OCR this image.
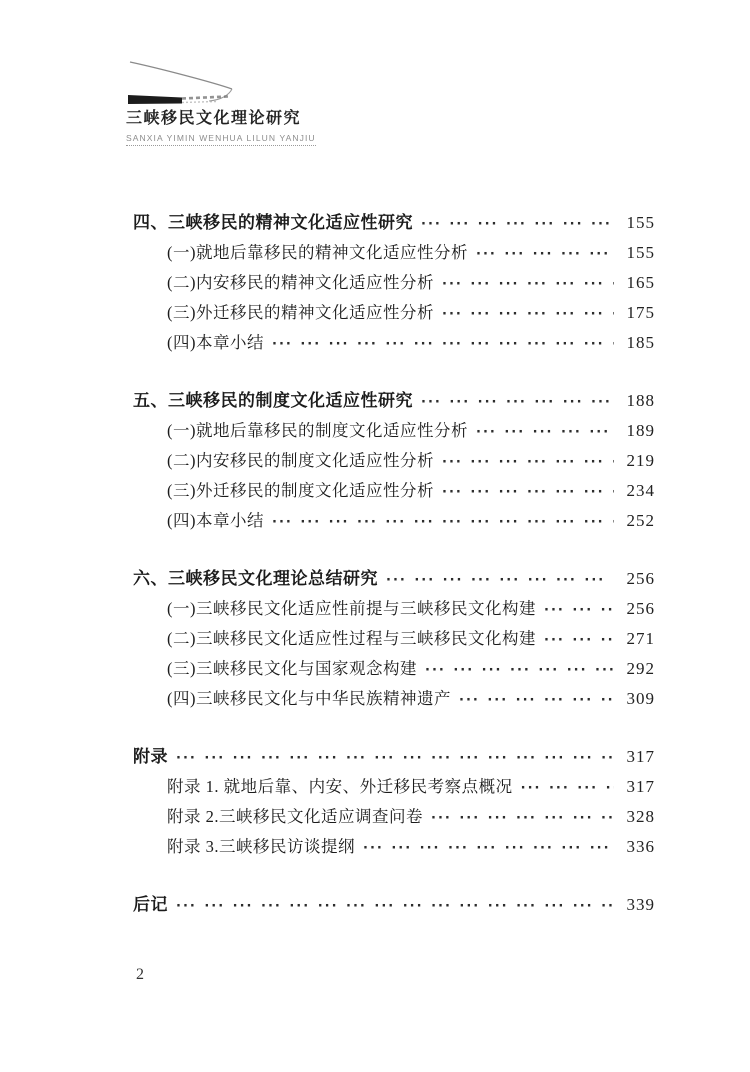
三峡移民文化理论研究
SANXIA YIMIN WENHUA LILUN YANJIU
四、三峡移民的精神文化适应性研究 ··· ·	155
(一)就地后靠移民的精神文化适应性分析 ··· ·	155
(二)内安移民的精神文化适应性分析 ··· ·	165
(三)外迁移民的精神文化适应性分析 ··· ·	175
(四)本章小结 ··· ·	185
五、三峡移民的制度文化适应性研究 ··· ·	188
(一)就地后靠移民的制度文化适应性分析 ··· ·	189
(二)内安移民的制度文化适应性分析 ··· ·	219
(三)外迁移民的制度文化适应性分析 ··· ·	234
(四)本章小结 ··· ·	252
六、三峡移民文化理论总结研究 ··· ·	256
(一)三峡移民文化适应性前提与三峡移民文化构建 ··· ·	256
(二)三峡移民文化适应性过程与三峡移民文化构建 ··· ·	271
(三)三峡移民文化与国家观念构建 ··· ·	292
(四)三峡移民文化与中华民族精神遗产 ··· ·	309
附录 ··· ·	317
附录 1. 就地后靠、内安、外迁移民考察点概况 ··· ·	317
附录 2.三峡移民文化适应调查问卷 ··· ·	328
附录 3.三峡移民访谈提纲 ··· ·	336
后记 ··· ·	339
2
